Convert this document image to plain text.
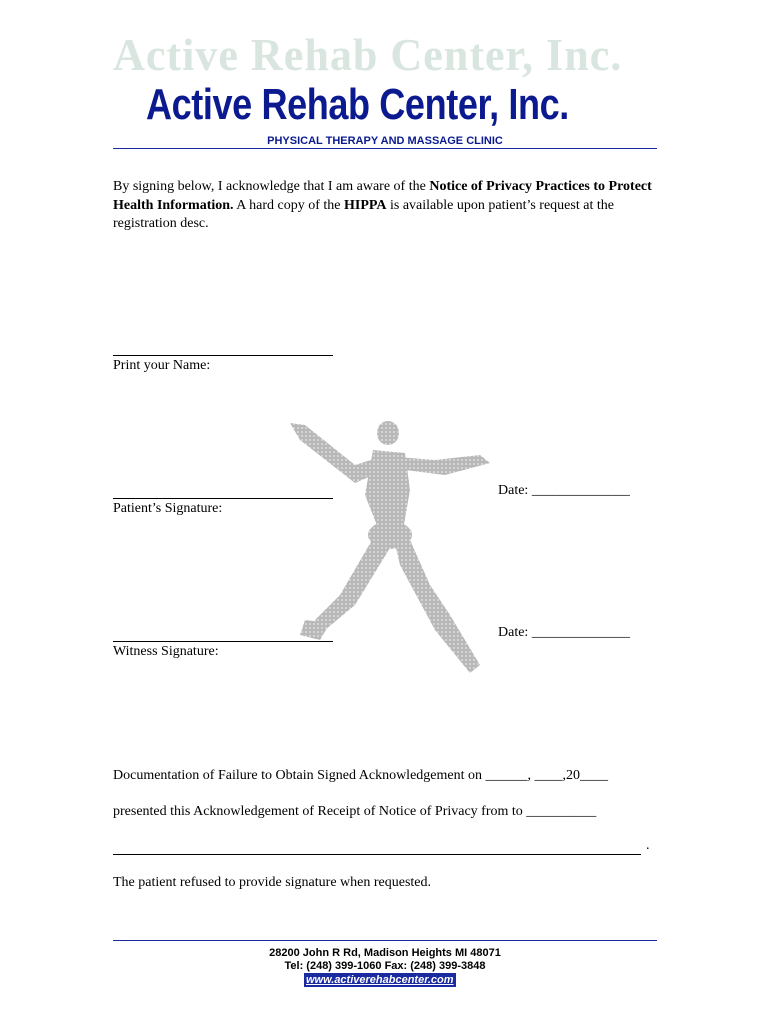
Active Rehab Center, Inc.
Active Rehab Center, Inc.
PHYSICAL THERAPY AND MASSAGE CLINIC
By signing below, I acknowledge that I am aware of the Notice of Privacy Practices to Protect Health Information. A hard copy of the HIPPA is available upon patient’s request at the registration desc.
Print your Name:
Patient’s Signature:
Date: ______________
Witness Signature:
Date: ______________
Documentation of Failure to Obtain Signed Acknowledgement on ______, ____,20____
presented this Acknowledgement of Receipt of Notice of Privacy from to __________
.
The patient refused to provide signature when requested.
28200 John R Rd, Madison Heights MI 48071
Tel: (248) 399-1060 Fax: (248) 399-3848
www.activerehabcenter.com
